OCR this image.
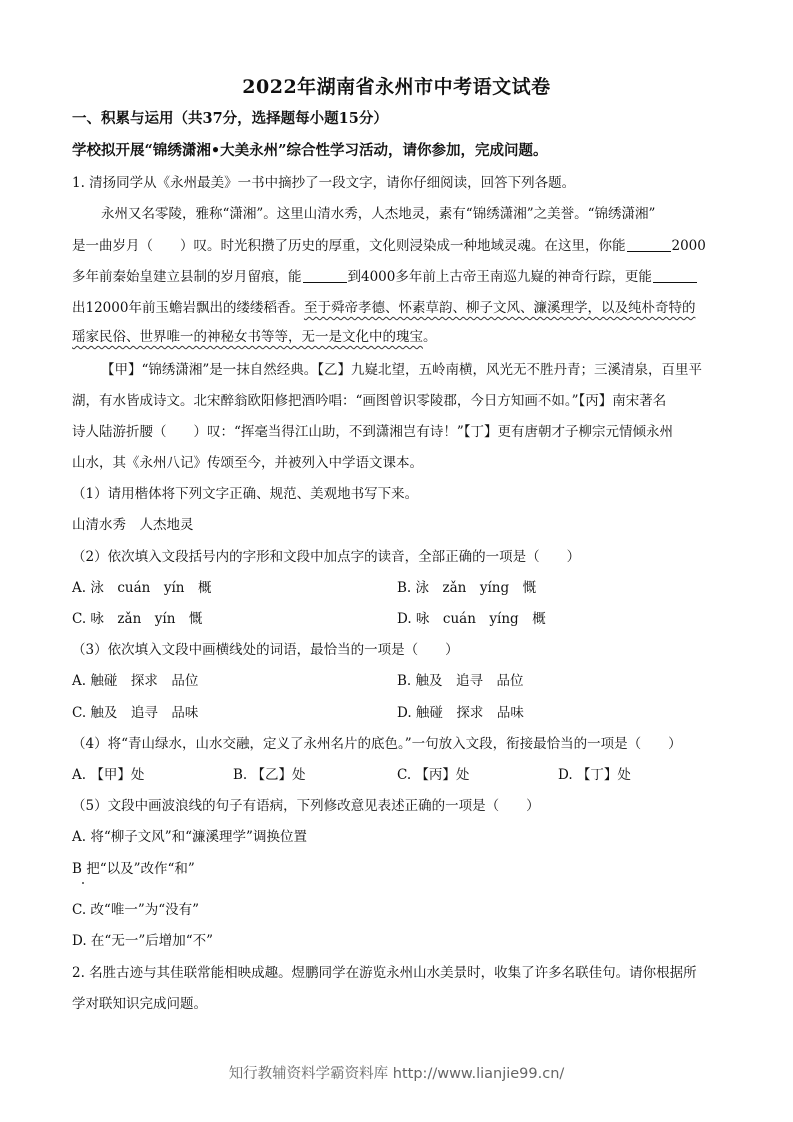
2022年湖南省永州市中考语文试卷
一、积累与运用（共37分，选择题每小题15分）
学校拟开展“锦绣潇湘•大美永州”综合性学习活动，请你参加，完成问题。
1. 清扬同学从《永州最美》一书中摘抄了一段文字，请你仔细阅读，回答下列各题。
永州又名零陵，雅称“潇湘”。这里山清水秀，人杰地灵，素有“锦绣潇湘”之美誉。“锦绣潇湘”
是一曲岁月（　　）叹。时光积攒了历史的厚重，文化则浸染成一种地域灵魂。在这里，你能	2000
多年前秦始皇建立县制的岁月留痕，能	到4000多年前上古帝王南巡九嶷的神奇行踪，更能
出12000年前玉蟾岩飘出的缕缕稻香。至于舜帝孝德、怀素草韵、柳子文风、濂溪理学，以及纯朴奇特的
瑶家民俗、世界唯一的神秘女书等等，无一是文化中的瑰宝。
【甲】“锦绣潇湘”是一抹自然经典。【乙】九嶷北望，五岭南横，风光无不胜丹青；三溪清泉，百里平
湖，有水皆成诗文。北宋醉翁欧阳修把酒吟唱：“画图曾识零陵郡，今日方知画不如。”【丙】南宋著名
诗人陆游折腰（　　）叹：“挥毫当得江山助，不到潇湘岂有诗！”【丁】更有唐朝才子柳宗元情倾永州
山水，其《永州八记》传颂至今，并被列入中学语文课本。
（1）请用楷体将下列文字正确、规范、美观地书写下来。
山清水秀　人杰地灵
（2）依次填入文段括号内的字形和文段中加点字的读音，全部正确的一项是（　　）
A. 泳　cuán　yín　概	B. 泳　zǎn　yíng　慨
C. 咏　zǎn　yín　慨	D. 咏　cuán　yíng　概
（3）依次填入文段中画横线处的词语，最恰当的一项是（　　）
A. 触碰　探求　品位	B. 触及　追寻　品位
C. 触及　追寻　品味	D. 触碰　探求　品味
（4）将“青山绿水，山水交融，定义了永州名片的底色。”一句放入文段，衔接最恰当的一项是（　　）
A. 【甲】处	B. 【乙】处	C. 【丙】处	D. 【丁】处
（5）文段中画波浪线的句子有语病，下列修改意见表述正确的一项是（　　）
A. 将“柳子文风”和“濂溪理学”调换位置
B 把“以及”改作“和”
C. 改“唯一”为“没有”
D. 在“无一”后增加“不”
2. 名胜古迹与其佳联常能相映成趣。煜鹏同学在游览永州山水美景时，收集了许多名联佳句。请你根据所
学对联知识完成问题。
知行教辅资料学霸资料库 http://www.lianjie99.cn/
